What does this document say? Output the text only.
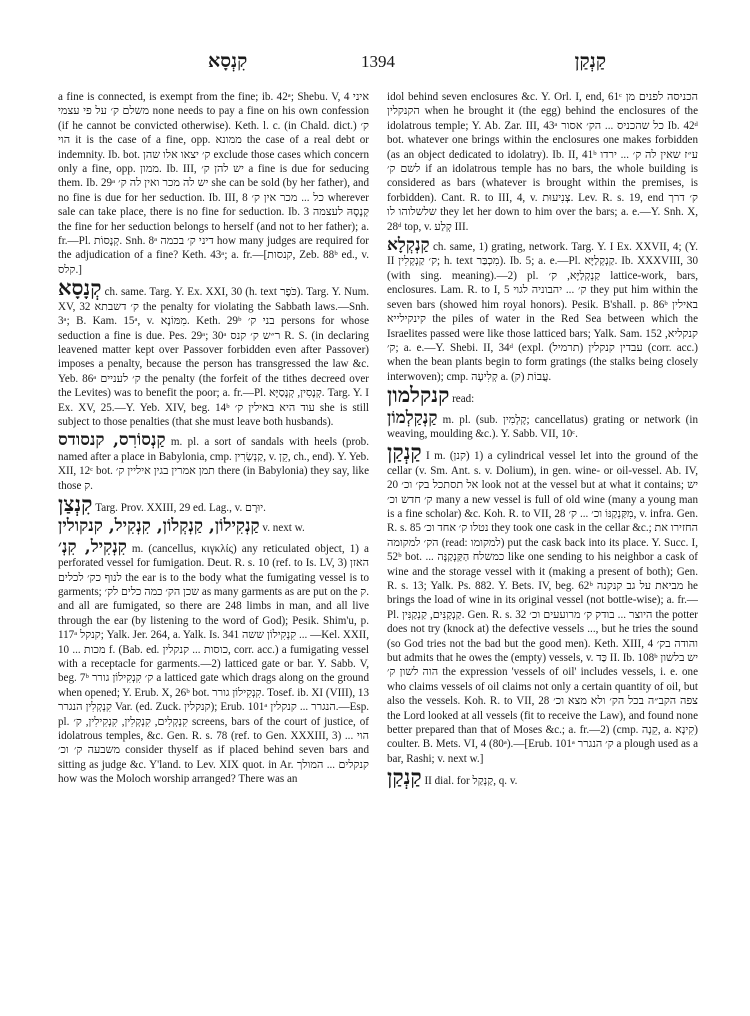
קִנְסָא	1394	קַנְקַן

a fine is connected, is exempt from the fine; ib. 42ᵃ; Shebu. V, 4 איני משלם ק׳ על פי עצמי none needs to pay a fine on his own confession (if he cannot be convicted otherwise). Keth. l. c. (in Chald. dict.) ק׳ הוי it is the case of a fine, opp. ממונא the case of a real debt or indemnity. Ib. bot. ק׳ יצאו אלו שהן exclude those cases which concern only a fine, opp. ממון. Ib. III, יש להן ק׳ a fine is due for seducing them. Ib. 29ᵃ יש לה מכר ואין לה ק׳ she can be sold (by her father), and no fine is due for her seduction. Ib. III, 8 כל ... מכר אין ק׳ wherever sale can take place, there is no fine for seduction. Ib. 3 קְנָסָהּ לעצמה the fine for her seduction belongs to herself (and not to her father); a. fr.—Pl. קְנָסוֹת. Snh. 8ᵃ דיני ק׳ בכמה how many judges are required for the adjudication of a fine? Keth. 43ᵃ; a. fr.—[קנסות, Zeb. 88ᵇ ed., v. קלס.]

קְנָסָא ch. same. Targ. Y. Ex. XXI, 30 (h. text כֹּפֶר). Targ. Y. Num. XV, 32 ק׳ דשבתא the penalty for violating the Sabbath laws.—Snh. 3ᵃ; B. Kam. 15ᵃ, v. מִמּוֹנָא. Keth. 29ᵇ בני ק׳ persons for whose seduction a fine is due. Pes. 29ᵃ; 30ᵃ ר״ש ק׳ קנס R. S. (in declaring leavened matter kept over Passover forbidden even after Passover) imposes a penalty, because the person has transgressed the law &c. Yeb. 86ᵃ ק׳ לעניים the penalty (the forfeit of the tithes decreed over the Levites) was to benefit the poor; a. fr.—Pl. קְנָסִין, קְנָסַיָּא. Targ. Y. I Ex. XV, 25.—Y. Yeb. XIV, beg. 14ᵇ עוד היא באילין ק׳ she is still subject to those penalties (that she must leave both husbands).
קַנְסוֹרִס, קנסודס m. pl. a sort of sandals with heels (prob. named after a place in Babylonia, cmp. קַנְשְׂרִין, v. קֵן, ch., end). Y. Yeb. XII, 12ᶜ bot. תמן אמרין בגין איליין ק׳ there (in Babylonia) they say, like those ק.
קִנְצַן Targ. Prov. XXIII, 29 ed. Lag., v. יוּרָם.
קַנְקִילוֹן, קַנְקְלוֹן, קִנְקִיל, קנקולין v. next w.
קִנְקִיל, קִנְ׳ m. (cancellus, κιγκλίς) any reticulated object, 1) a perforated vessel for fumigation. Deut. R. s. 10 (ref. to Is. LV, 3) האזן לנוף כק׳ לכלים the ear is to the body what the fumigating vessel is to garments; שכן הק׳ כמה כלים לק׳ as many garments as are put on the ק. and all are fumigated, so there are 248 limbs in man, and all live through the ear (by listening to the word of God); Pesik. Shim'u, p. 117ᵃ קנקל; Yalk. Jer. 264, a. Yalk. Is. 341 קִנְקִילוֹן ששה ... —Kel. XXII, 10 ... מכות f. (Bab. ed. כוסות ... קנקלין, corr. acc.) a fumigating vessel with a receptacle for garments.—2) latticed gate or bar. Y. Sabb. V, beg. 7ᵇ ק׳ קִנְקִילוֹן גורר a latticed gate which drags along on the ground when opened; Y. Erub. X, 26ᵇ bot. קִנְקִילוֹן גורר. Tosef. ib. XI (VIII), 13 קִנְקְלִין הנגרר Var. (ed. Zuck. קנקלין); Erub. 101ᵃ הנגרר ... קנקלין.—Esp. pl. קִנְקְלִים, קִנְקְלִין, קִנְקִילִין, ק׳ screens, bars of the court of justice, of idolatrous temples, &c. Gen. R. s. 78 (ref. to Gen. XXXIII, 3) ... הוי משבעה ק׳ וכ׳ consider thyself as if placed behind seven bars and sitting as judge &c. Y'land. to Lev. XIX quot. in Ar. קנקלים ... המולך how was the Moloch worship arranged? There was an

idol behind seven enclosures &c. Y. Orl. I, end, 61ᶜ הכניסה לפנים מן הקנקלין when he brought it (the egg) behind the enclosures of the idolatrous temple; Y. Ab. Zar. III, 43ᵃ כל שהכניס ... הק׳ אסור Ib. 42ᵈ bot. whatever one brings within the enclosures one makes forbidden (as an object dedicated to idolatry). Ib. II, 41ᵇ ע״ז שאין לה ק׳ ... ירדו לשם ק׳ if an idolatrous temple has no bars, the whole building is considered as bars (whatever is brought within the premises, is forbidden). Cant. R. to III, 4, v. צְנִיעוּת. Lev. R. s. 19, end ק׳ דרך שלשלוהו לו they let her down to him over the bars; a. e.—Y. Snh. X, 28ᵈ top, v. קְלַע III.

קַנְקְלָא ch. same, 1) grating, network. Targ. Y. I Ex. XXVII, 4; (Y. II ק׳ קַנְקְלִין; h. text מִכְבַּר). Ib. 5; a. e.—Pl. קַנְקְלַיָּא. Ib. XXXVIII, 30 (with sing. meaning).—2) pl. קַנְקְלַיָּא, ק׳ lattice-work, bars, enclosures. Lam. R. to I, 5 ק׳ ... יהבוניה לגוי they put him within the seven bars (showed him royal honors). Pesik. B'shall. p. 86ᵇ באילין קינקילייא the piles of water in the Red Sea between which the Israelites passed were like those latticed bars; Yalk. Sam. 152 קנקליא, ק׳; a. e.—Y. Shebi. II, 34ᵈ (expl. עבדין קנקלין (תרמיל) (corr. acc.) when the bean plants begin to form gratings (the stalks being closely interwoven); cmp. קְלִיעָה a. עֲבוֹת (ק).
קנקלמון read:
קַנְקַלְמוֹן m. pl. (sub. קָלְמִין; cancellatus) grating or network (in weaving, moulding &c.). Y. Sabb. VII, 10ᶜ.
קַנְקַן I m. (קנן) 1) a cylindrical vessel let into the ground of the cellar (v. Sm. Ant. s. v. Dolium), in gen. wine- or oil-vessel. Ab. IV, 20 אל תסתכל בק׳ וכ׳ look not at the vessel but at what it contains; יש ק׳ חדש וכ׳ many a new vessel is full of old wine (many a young man is a fine scholar) &c. Koh. R. to VII, 28 מִקַּנְקַנּוֹ וכ׳ ... ק׳, v. infra. Gen. R. s. 85 נטלו ק׳ אחד וכ׳ they took one cask in the cellar &c.; החזירו את הק׳ למקומה (read: למקומו) put the cask back into its place. Y. Succ. I, 52ᵇ bot. ... כמשלח הַקַּנְקַנָּה like one sending to his neighbor a cask of wine and the storage vessel with it (making a present of both); Gen. R. s. 13; Yalk. Ps. 882. Y. Bets. IV, beg. 62ᵇ מביאת על גב קנקנה he brings the load of wine in its original vessel (not bottle-wise); a. fr.—Pl. קַנְקַנִּים, קַנְקַנִּין. Gen. R. s. 32 היוצר ... בודק ק׳ מרועעים וכ׳ the potter does not try (knock at) the defective vessels ..., but he tries the sound (so God tries not the bad but the good men). Keth. XIII, 4 והודה בק׳ but admits that he owes the (empty) vessels, v. כַּד II. Ib. 108ᵇ יש בלשון הוה לשון ק׳ the expression 'vessels of oil' includes vessels, i. e. one who claims vessels of oil claims not only a certain quantity of oil, but also the vessels. Koh. R. to VII, 28 צפה הקב״ה בכל הק׳ ולא מצא וכ׳ the Lord looked at all vessels (fit to receive the Law), and found none better prepared than that of Moses &c.; a. fr.—2) (cmp. קֵנָה, a. קִינָא) coulter. B. Mets. VI, 4 (80ᵃ).—[Erub. 101ᵃ ק׳ הנגרר a plough used as a bar, Rashi; v. next w.]
קַנְקַן II dial. for קַנְקַל, q. v.
